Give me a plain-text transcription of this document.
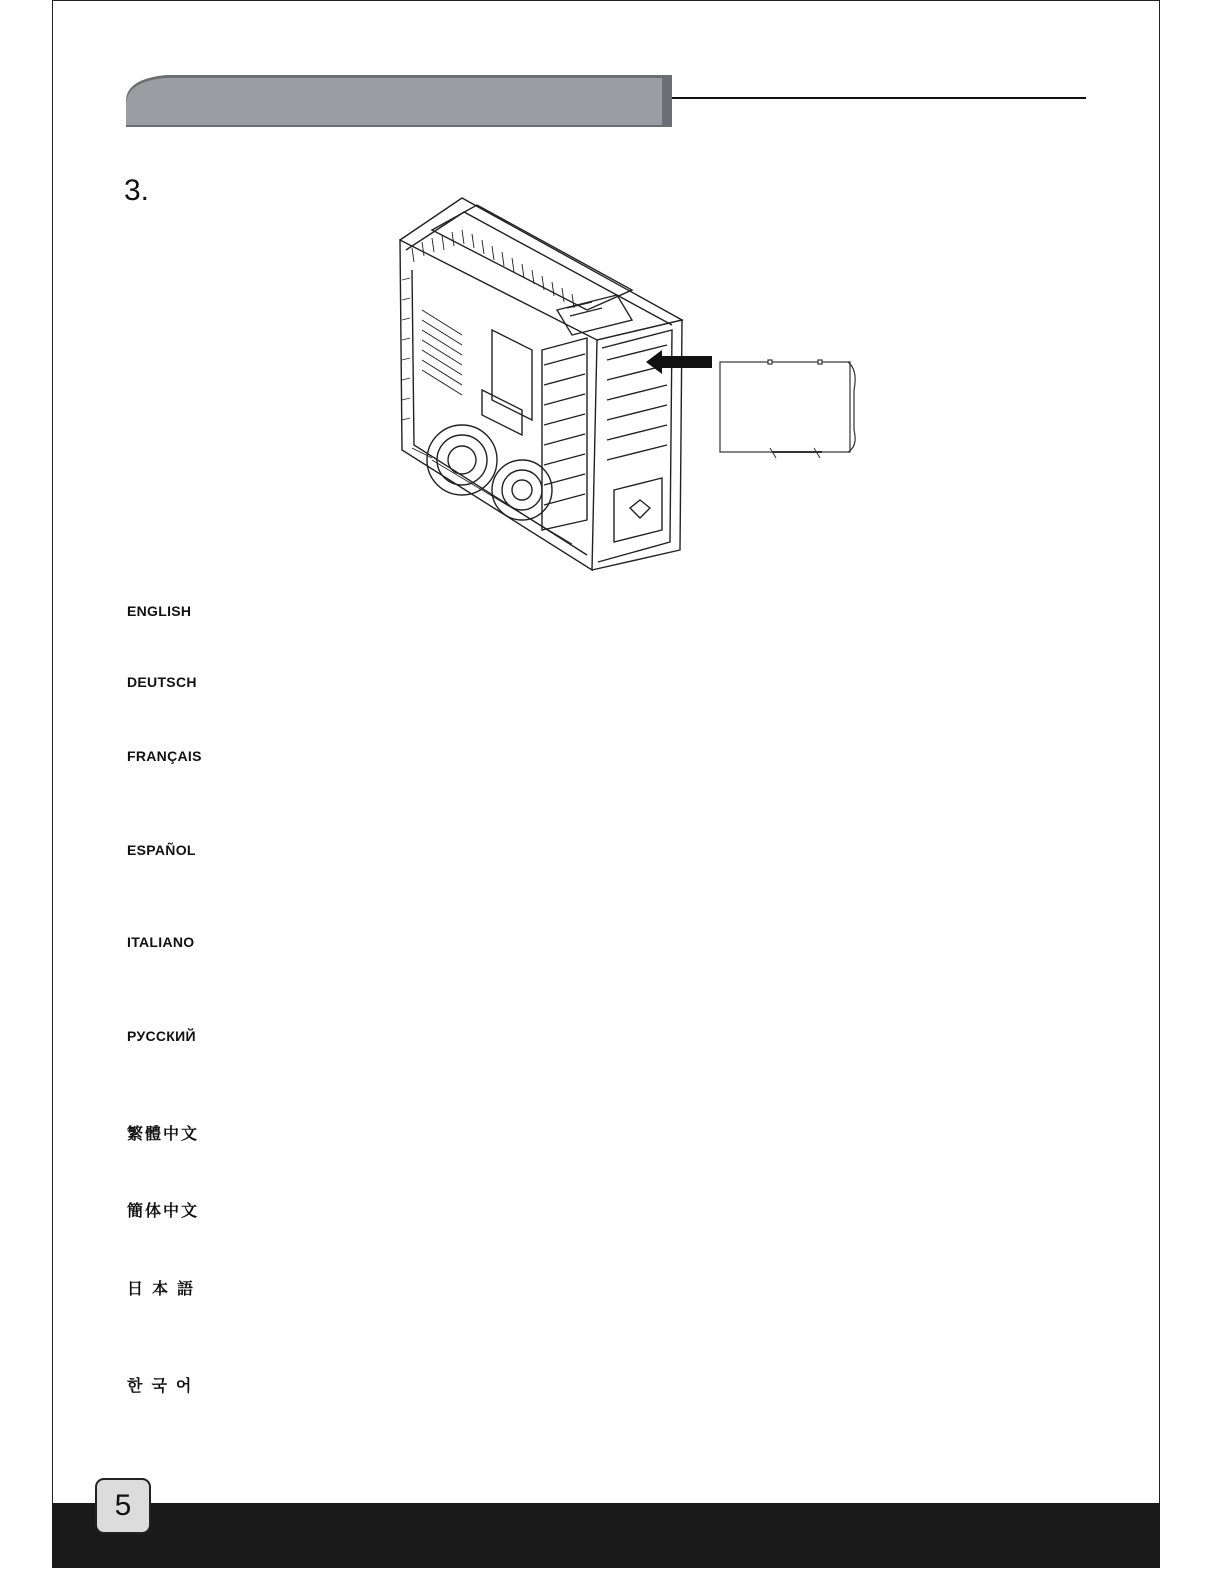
3.
ENGLISH
DEUTSCH
FRANÇAIS
ESPAÑOL
ITALIANO
РУССКИЙ
繁體中文
簡体中文
日本語
한국어
5
